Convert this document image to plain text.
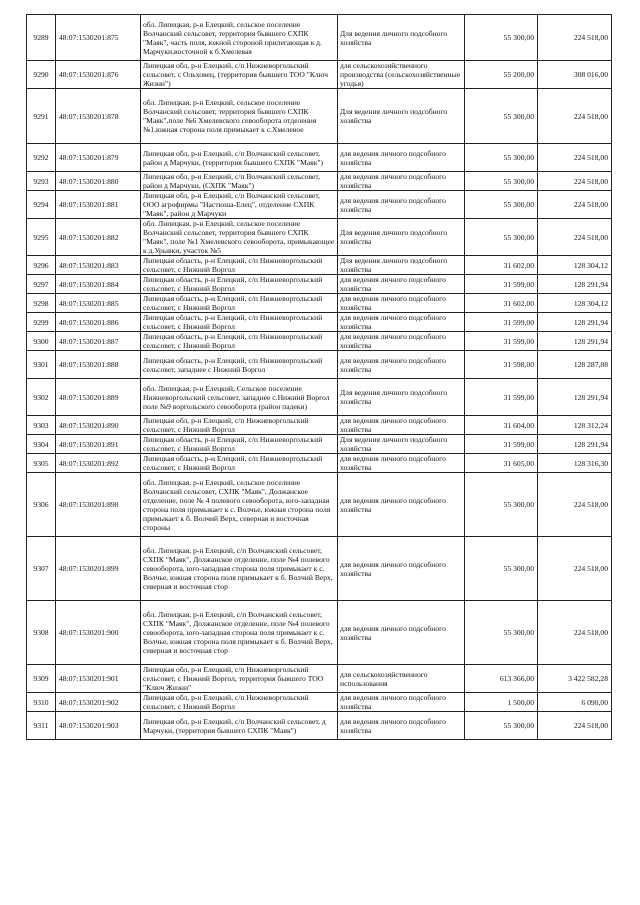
9289	48:07:1530201:875	обл. Липецкая, р-н Елецкий, сельское поселение Волчанский сельсовет, территория бывшего СХПК "Маяк", часть поля, южной стороной прилегающая к д. Марчуки,восточной к б.Хмелевая	Для ведения личного подсобного хозяйства	55 300,00	224 518,00
9290	48:07:1530201:876	Липецкая обл, р-н Елецкий, с/п Нижневоргольский сельсовет, с Ольховец, (территория бывшего ТОО "Ключ Жизни")	для сельскохозяйственного производства (сельскохозяйственные угодья)	55 200,00	308 016,00
9291	48:07:1530201:878	обл. Липецкая, р-н Елецкий, сельское поселение Волчанский сельсовет, территория бывшего СХПК "Маяк",поле №6 Хмелевского севооборота отделения №1,южная сторона поля примыкает к с.Хмелевое	Для ведения личного подсобного хозяйства	55 300,00	224 518,00
9292	48:07:1530201:879	Липецкая обл, р-н Елецкий, с/п Волчанский сельсовет, район д Марчуки, (территория бывшего СХПК "Маяк")	для ведения личного подсобного хозяйства	55 300,00	224 518,00
9293	48:07:1530201:880	Липецкая обл, р-н Елецкий, с/п Волчанский сельсовет, район д Марчуки, (СХПК "Маяк")	для ведения личного подсобного хозяйства	55 300,00	224 518,00
9294	48:07:1530201:881	Липецкая обл, р-н Елецкий, с/п Волчанский сельсовет, ООО агрофирмы "Настюша-Елец", отделение СХПК "Маяк", район д Марчуки	для ведения личного подсобного хозяйства	55 300,00	224 518,00
9295	48:07:1530201:882	обл. Липецкая, р-н Елецкий, сельское поселение Волчанский сельсовет, территория бывшего СХПК "Маяк", поле №1 Хмелевского севооборота, примыкающее к д.Урывки, участок №5	Для ведения личного подсобного хозяйства	55 300,00	224 518,00
9296	48:07:1530201:883	Липецкая область, р-н Елецкий, с/п Нижневоргольский сельсовет, с Нижний Воргол	Для ведения личного подсобного хозяйства	31 602,00	128 304,12
9297	48:07:1530201:884	Липецкая область, р-н Елецкий, с/п Нижневоргольский сельсовет, с Нижний Воргол	для ведения личного подсобного хозяйства	31 599,00	128 291,94
9298	48:07:1530201:885	Липецкая область, р-н Елецкий, с/п Нижневоргольский сельсовет, с Нижний Воргол	для ведения личного подсобного хозяйства	31 602,00	128 304,12
9299	48:07:1530201:886	Липецкая область, р-н Елецкий, с/п Нижневоргольский сельсовет, с Нижний Воргол	для ведения личного подсобного хозяйства	31 599,00	128 291,94
9300	48:07:1530201:887	Липецкая область, р-н Елецкий, с/п Нижневоргольский сельсовет, с Нижний Воргол	для ведения личного подсобного хозяйства	31 599,00	128 291,94
9301	48:07:1530201:888	Липецкая область, р-н Елецкий, с/п Нижневоргольский сельсовет, западнее с Нижний Воргол	для ведения личного подсобного хозяйства	31 598,00	128 287,88
9302	48:07:1530201:889	обл. Липецкая, р-н Елецкий, Сельское поселение Нижневоргольский сельсовет, западнее с.Нижний Воргол поле №9 воргольского севооборота (район падеки)	Для ведения личного подсобного хозяйства	31 599,00	128 291,94
9303	48:07:1530201:890	Липецкая обл, р-н Елецкий, с/п Нижневоргольский сельсовет, с Нижний Воргол	для ведения личного подсобного хозяйства	31 604,00	128 312,24
9304	48:07:1530201:891	Липецкая область, р-н Елецкий, с/п Нижневоргольский сельсовет, с Нижний Воргол	Для ведения личного подсобного хозяйства	31 599,00	128 291,94
9305	48:07:1530201:892	Липецкая область, р-н Елецкий, с/п Нижневоргольский сельсовет, с Нижний Воргол	для ведения личного подсобного хозяйства	31 605,00	128 316,30
9306	48:07:1530201:898	обл. Липецкая, р-н Елецкий, сельское поселение Волчанский сельсовет, СХПК "Маяк", Должанское отделение, поле № 4 полевого севооборота, юго-западная сторона поля примыкает к с. Волчье, южная сторона поля примыкает к б. Волчий Верх, северная и восточная стороны	для ведения личного подсобного хозяйства	55 300,00	224 518,00
9307	48:07:1530201:899	обл. Липецкая, р-н Елецкий, с/п Волчанский сельсовет, СХПК "Маяк", Должанское отделение, поле №4 полевого севооборота, юго-западная сторона поля примыкает к с. Волчье, южная сторона поля примыкает к б. Волчий Верх, северная и восточная стор	для ведения личного подсобного хозяйства	55 300,00	224 518,00
9308	48:07:1530201:900	обл. Липецкая, р-н Елецкий, с/п Волчанский сельсовет, СХПК "Маяк", Должанское отделение, поле №4 полевого севооборота, юго-западная сторона поля примыкает к с. Волчье, южная сторона поля примыкает к б. Волчий Верх, северная и восточная стор	для ведения личного подсобного хозяйства	55 300,00	224 518,00
9309	48:07:1530201:901	Липецкая обл, р-н Елецкий, с/п Нижневоргольский сельсовет, с Нижний Воргол, территория бывшего ТОО "Ключ Жизни"	для сельскохозяйственного использования	613 366,00	3 422 582,28
9310	48:07:1530201:902	Липецкая обл, р-н Елецкий, с/п Нижневоргольский сельсовет, с Нижний Воргол	для ведения личного подсобного хозяйства	1 500,00	6 090,00
9311	48:07:1530201:903	Липецкая обл, р-н Елецкий, с/п Волчанский сельсовет, д Марчуки, (территория бывшего СХПК "Маяк")	для ведения личного подсобного хозяйства	55 300,00	224 518,00
